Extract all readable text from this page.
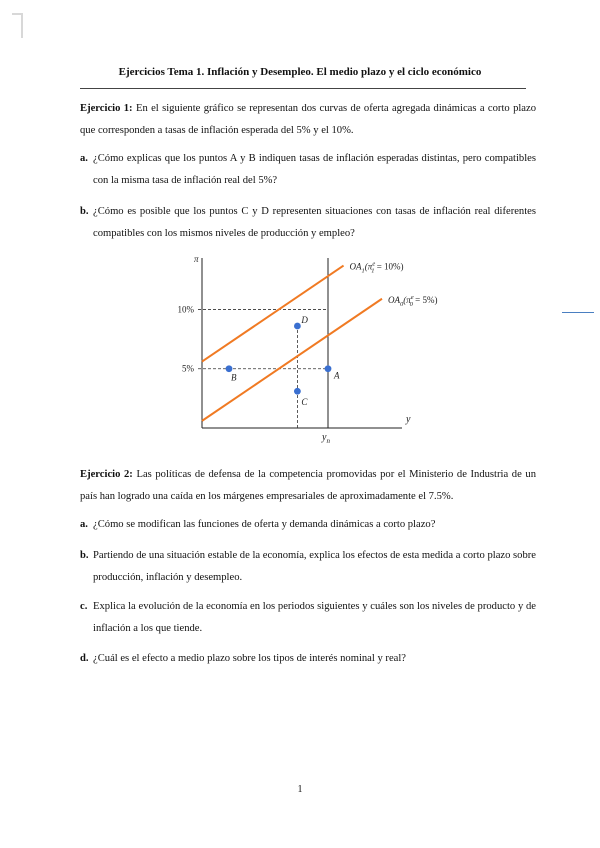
Ejercicios Tema 1. Inflación y Desempleo. El medio plazo y el ciclo económico
Ejercicio 1: En el siguiente gráfico se representan dos curvas de oferta agregada dinámicas a corto plazo que corresponden a tasas de inflación esperada del 5% y el 10%.
a. ¿Cómo explicas que los puntos A y B indiquen tasas de inflación esperadas distintas, pero compatibles con la misma tasa de inflación real del 5%?
b. ¿Cómo es posible que los puntos C y D representen situaciones con tasas de inflación real diferentes compatibles con los mismos niveles de producción y empleo?
π
y
$y_n$
10%
5%
$OA_1(\pi^e$ 1 = 10%)
$OA_0(\pi^e$ 0 = 5%)
A
B
C
D
Ejercicio 2: Las políticas de defensa de la competencia promovidas por el Ministerio de Industria de un país han logrado una caída en los márgenes empresariales de aproximadamente el 7.5%.
a. ¿Cómo se modifican las funciones de oferta y demanda dinámicas a corto plazo?
b. Partiendo de una situación estable de la economía, explica los efectos de esta medida a corto plazo sobre producción, inflación y desempleo.
c. Explica la evolución de la economía en los periodos siguientes y cuáles son los niveles de producto y de inflación a los que tiende.
d. ¿Cuál es el efecto a medio plazo sobre los tipos de interés nominal y real?
1
